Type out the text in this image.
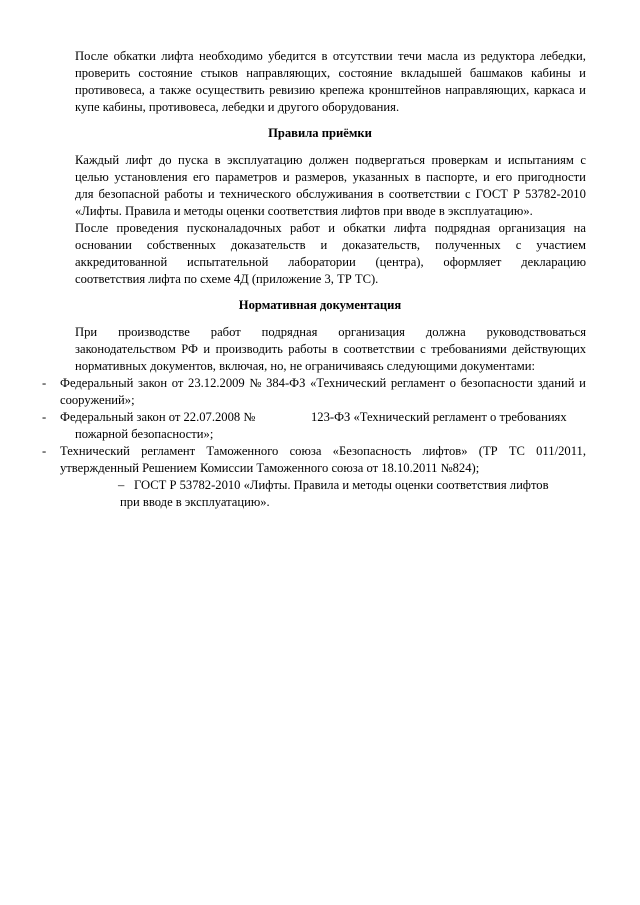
После обкатки лифта необходимо убедится в отсутствии течи масла из редуктора лебедки,
проверить состояние стыков направляющих, состояние вкладышей башмаков кабины и
противовеса, а также осуществить ревизию крепежа кронштейнов направляющих, каркаса и
купе кабины, противовеса, лебедки и другого оборудования.
Правила приёмки
Каждый лифт до пуска в эксплуатацию должен подвергаться проверкам и испытаниям с
целью установления его параметров и размеров, указанных в паспорте, и его пригодности
для безопасной работы и технического обслуживания в соответствии с ГОСТ Р 53782-2010
«Лифты. Правила и методы оценки соответствия лифтов при вводе в эксплуатацию».
После проведения пусконаладочных работ и обкатки лифта подрядная организация на
основании собственных доказательств и доказательств, полученных с участием
аккредитованной испытательной лаборатории (центра), оформляет декларацию
соответствия лифта по схеме 4Д (приложение 3, ТР ТС).
Нормативная документация
При производстве работ подрядная организация должна руководствоваться
законодательством РФ и производить работы в соответствии с требованиями действующих
нормативных документов, включая, но, не ограничиваясь следующими документами:
- Федеральный закон от 23.12.2009 № 384-ФЗ «Технический регламент о безопасности зданий и
сооружений»;
- Федеральный закон от 22.07.2008 №	123-ФЗ «Технический регламент о требованиях
пожарной безопасности»;
- Технический регламент Таможенного союза «Безопасность лифтов» (ТР ТС 011/2011,
утвержденный Решением Комиссии Таможенного союза от 18.10.2011 №824);
– ГОСТ Р 53782-2010 «Лифты. Правила и методы оценки соответствия лифтов
при вводе в эксплуатацию».
